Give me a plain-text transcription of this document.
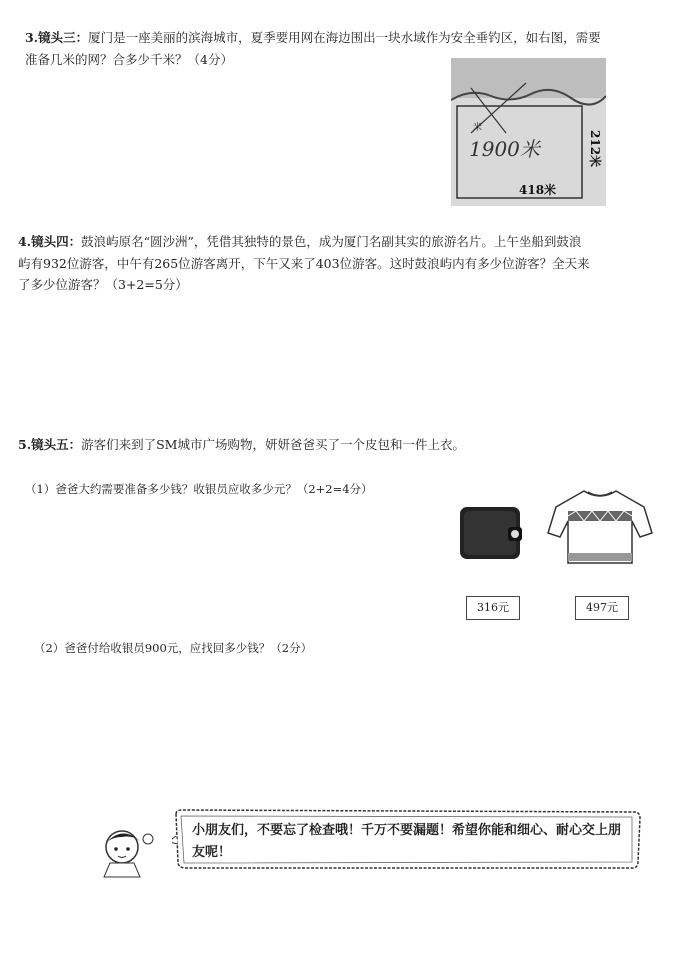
3.镜头三：厦门是一座美丽的滨海城市，夏季要用网在海边围出一块水域作为安全垂钓区，如右图，需要
准备几米的网？合多少千米？（4分）
米
1900米	212米
418米
4.镜头四：鼓浪屿原名“圆沙洲”，凭借其独特的景色，成为厦门名副其实的旅游名片。上午坐船到鼓浪
屿有932位游客，中午有265位游客离开，下午又来了403位游客。这时鼓浪屿内有多少位游客？全天来
了多少位游客？（3+2=5分）
5.镜头五：游客们来到了SM城市广场购物，妍妍爸爸买了一个皮包和一件上衣。
（1）爸爸大约需要准备多少钱？收银员应收多少元？（2+2=4分）
316元	497元
（2）爸爸付给收银员900元，应找回多少钱？（2分）
小朋友们，不要忘了检查哦！千万不要漏题！希望你能和细心、耐心交上朋友呢！
